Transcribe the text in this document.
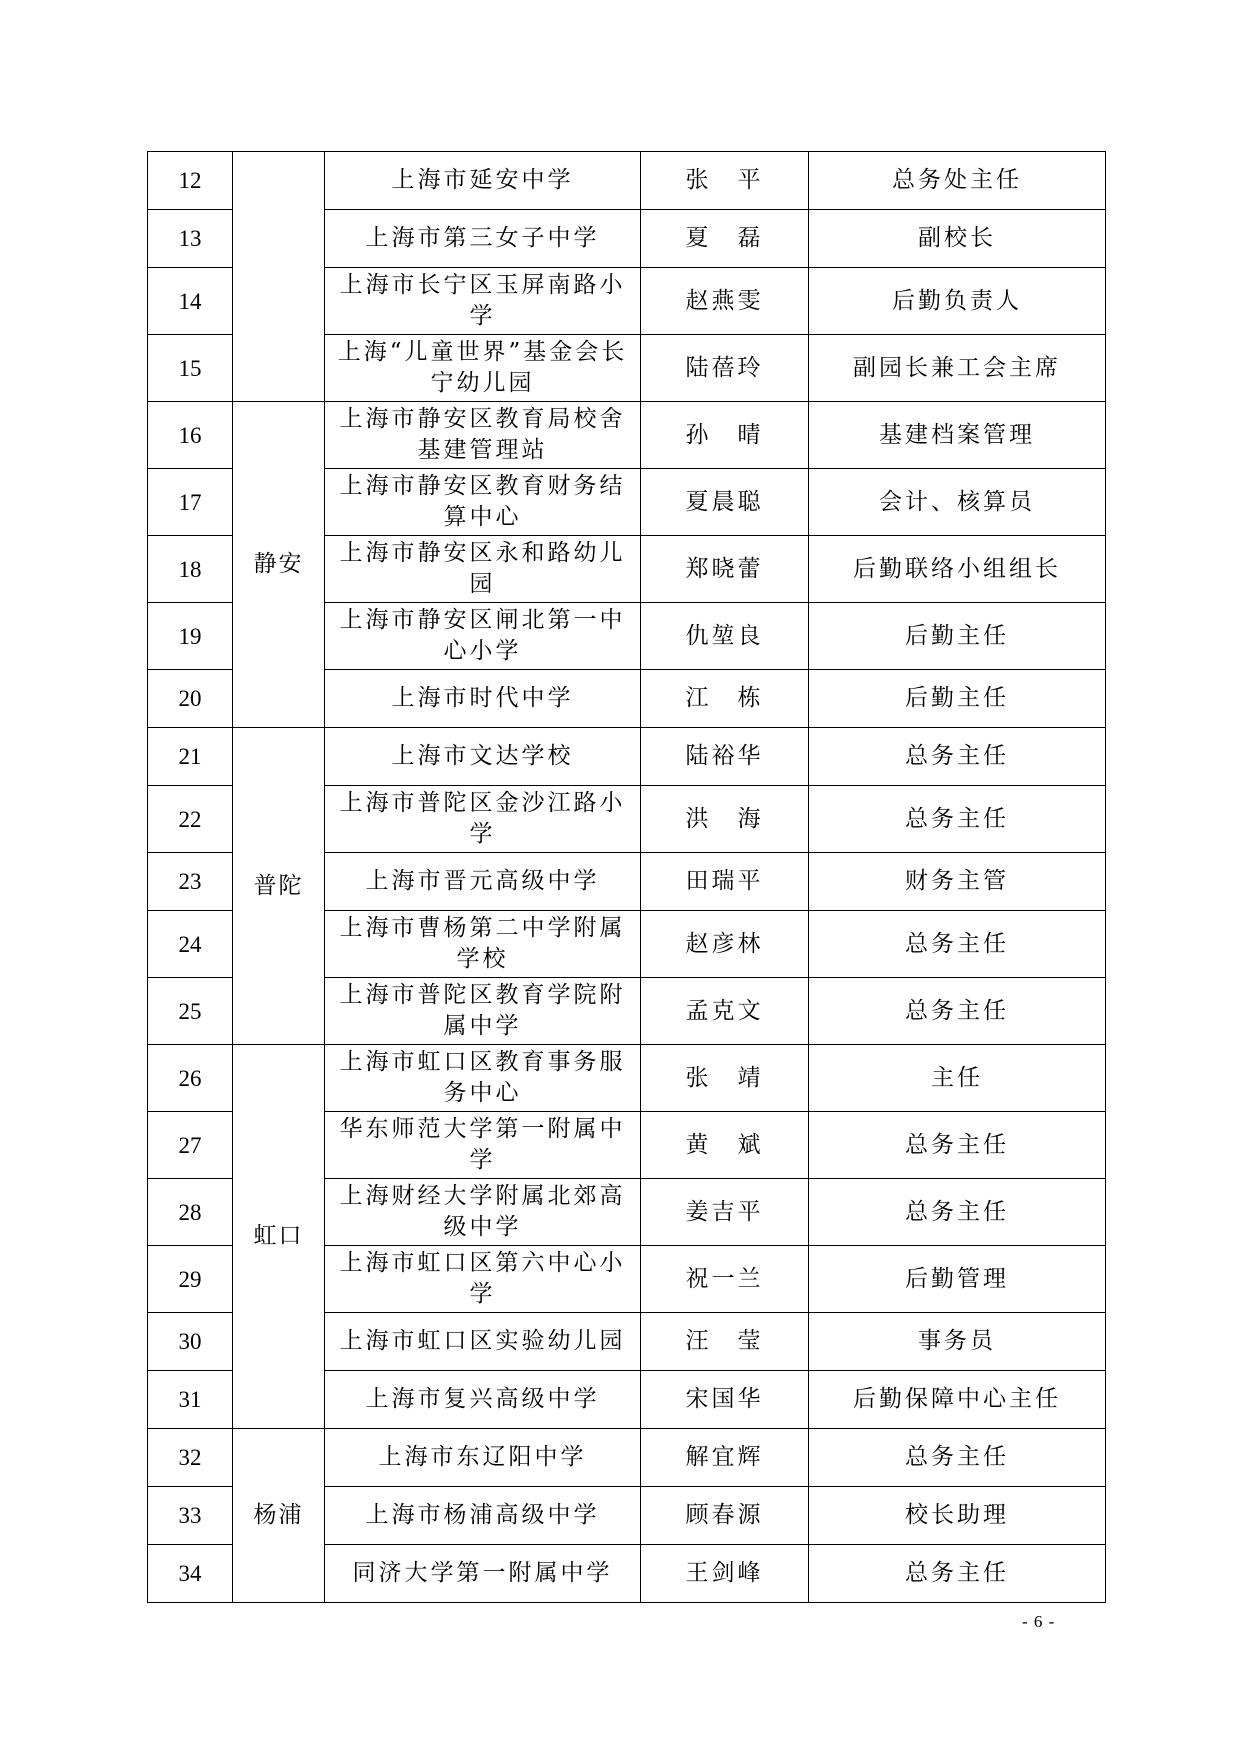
12		上海市延安中学	张　平	总务处主任
13		上海市第三女子中学	夏　磊	副校长
14		上海市长宁区玉屏南路小学	赵燕雯	后勤负责人
15		上海“儿童世界”基金会长宁幼儿园	陆蓓玲	副园长兼工会主席
16	静安	上海市静安区教育局校舍基建管理站	孙　晴	基建档案管理
17		上海市静安区教育财务结算中心	夏晨聪	会计、核算员
18		上海市静安区永和路幼儿园	郑晓蕾	后勤联络小组组长
19		上海市静安区闸北第一中心小学	仇堃良	后勤主任
20		上海市时代中学	江　栋	后勤主任
21	普陀	上海市文达学校	陆裕华	总务主任
22		上海市普陀区金沙江路小学	洪　海	总务主任
23		上海市晋元高级中学	田瑞平	财务主管
24		上海市曹杨第二中学附属学校	赵彦林	总务主任
25		上海市普陀区教育学院附属中学	孟克文	总务主任
26	虹口	上海市虹口区教育事务服务中心	张　靖	主任
27		华东师范大学第一附属中学	黄　斌	总务主任
28		上海财经大学附属北郊高级中学	姜吉平	总务主任
29		上海市虹口区第六中心小学	祝一兰	后勤管理
30		上海市虹口区实验幼儿园	汪　莹	事务员
31		上海市复兴高级中学	宋国华	后勤保障中心主任
32	杨浦	上海市东辽阳中学	解宜辉	总务主任
33		上海市杨浦高级中学	顾春源	校长助理
34		同济大学第一附属中学	王剑峰	总务主任
- 6 -
